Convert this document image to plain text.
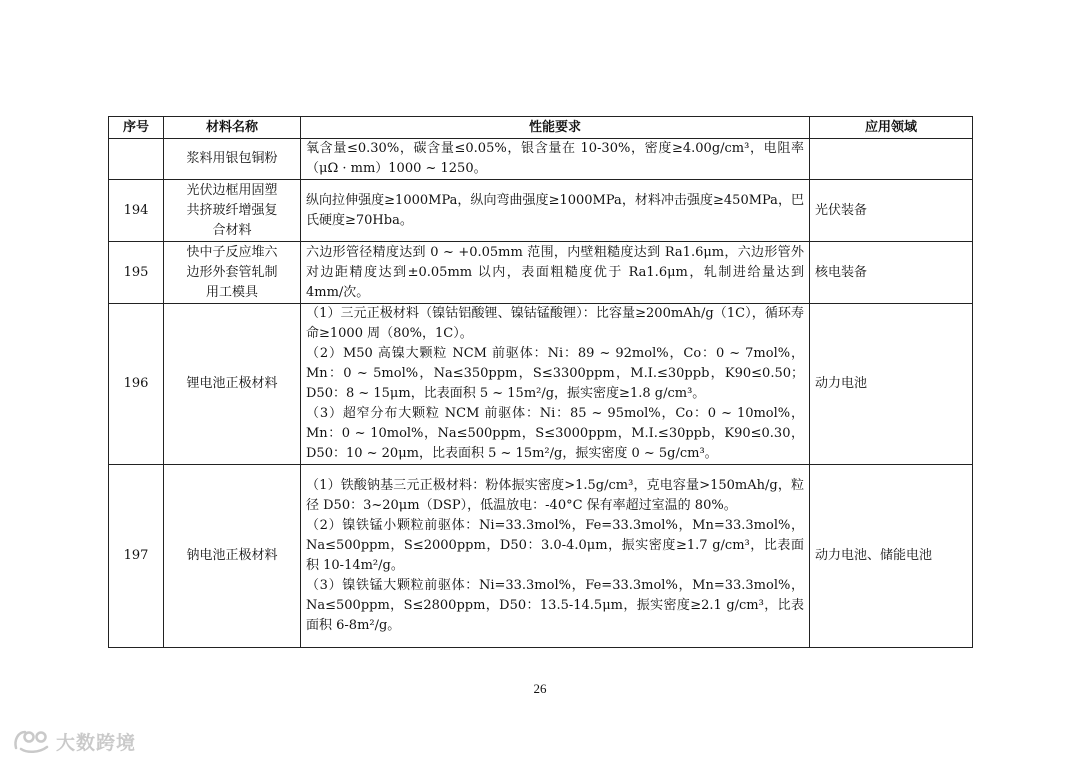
序号	材料名称	性能要求	应用领域

	浆料用银包铜粉	氧含量≤0.30%，碳含量≤0.05%，银含量在 10-30%，密度≥4.00g/cm³，电阻率（μΩ · mm）1000 ~ 1250。	

194	光伏边框用固塑
共挤玻纤增强复
合材料	纵向拉伸强度≥1000MPa，纵向弯曲强度≥1000MPa，材料冲击强度≥450MPa，巴氏硬度≥70Hba。	光伏装备
195	快中子反应堆六
边形外套管轧制
用工模具	六边形管径精度达到 0 ~ +0.05mm 范围，内壁粗糙度达到 Ra1.6μm，六边形管外对边距精度达到±0.05mm 以内，表面粗糙度优于 Ra1.6μm，轧制进给量达到 4mm/次。	核电装备
196	锂电池正极材料	（1）三元正极材料（镍钴铝酸锂、镍钴锰酸锂）：比容量≥200mAh/g（1C），循环寿命≥1000 周（80%，1C）。
（2）M50 高镍大颗粒 NCM 前驱体：Ni：89 ~ 92mol%，Co：0 ~ 7mol%，Mn：0 ~ 5mol%，Na≤350ppm，S≤3300ppm，M.I.≤30ppb，K90≤0.50；D50：8 ~ 15μm，比表面积 5 ~ 15m²/g，振实密度≥1.8 g/cm³。
（3）超窄分布大颗粒 NCM 前驱体：Ni：85 ~ 95mol%，Co：0 ~ 10mol%，Mn：0 ~ 10mol%，Na≤500ppm，S≤3000ppm，M.I.≤30ppb，K90≤0.30，D50：10 ~ 20μm，比表面积 5 ~ 15m²/g，振实密度 0 ~ 5g/cm³。	动力电池
197	钠电池正极材料	（1）铁酸钠基三元正极材料：粉体振实密度>1.5g/cm³，克电容量>150mAh/g，粒径 D50：3~20μm（DSP），低温放电：-40°C 保有率超过室温的 80%。
（2）镍铁锰小颗粒前驱体：Ni=33.3mol%，Fe=33.3mol%，Mn=33.3mol%，Na≤500ppm，S≤2000ppm，D50：3.0-4.0μm，振实密度≥1.7 g/cm³，比表面积 10-14m²/g。
（3）镍铁锰大颗粒前驱体：Ni=33.3mol%，Fe=33.3mol%，Mn=33.3mol%，Na≤500ppm，S≤2800ppm，D50：13.5-14.5μm，振实密度≥2.1 g/cm³，比表面积 6-8m²/g。	动力电池、储能电池
26
大数跨境
